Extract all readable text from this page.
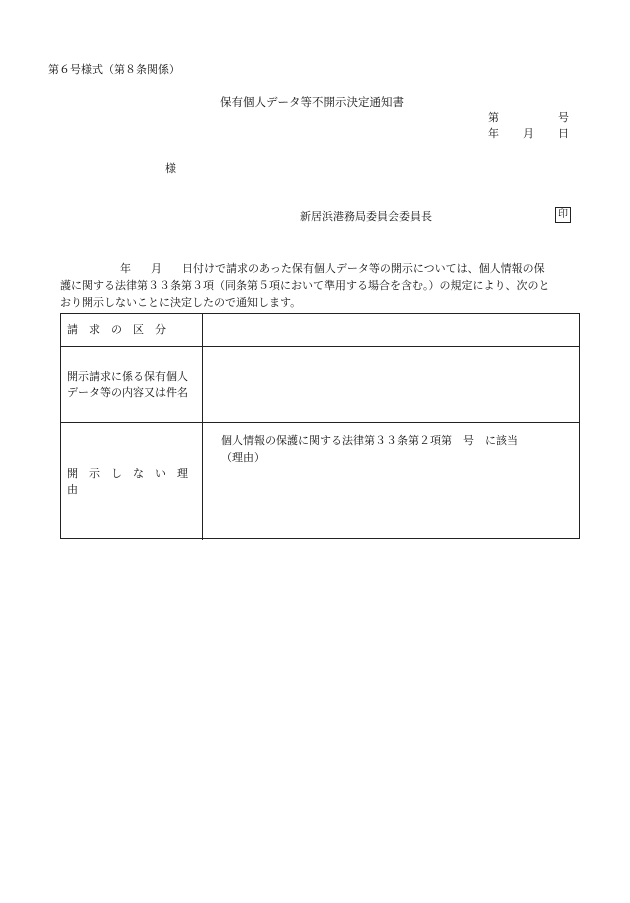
第６号様式（第８条関係）
保有個人データ等不開示決定通知書
第	号
年 月 日
様
新居浜港務局委員会委員長	印
年 月 日付けで請求のあった保有個人データ等の開示については、個人情報の保
護に関する法律第３３条第３項（同条第５項において準用する場合を含む。）の規定により、次のと
おり開示しないことに決定したので通知します。
請　求　の　区　分
開示請求に係る保有個人
データ等の内容又は件名
開　示　し　な　い　理　由
個人情報の保護に関する法律第３３条第２項第　号　に該当
（理由）
